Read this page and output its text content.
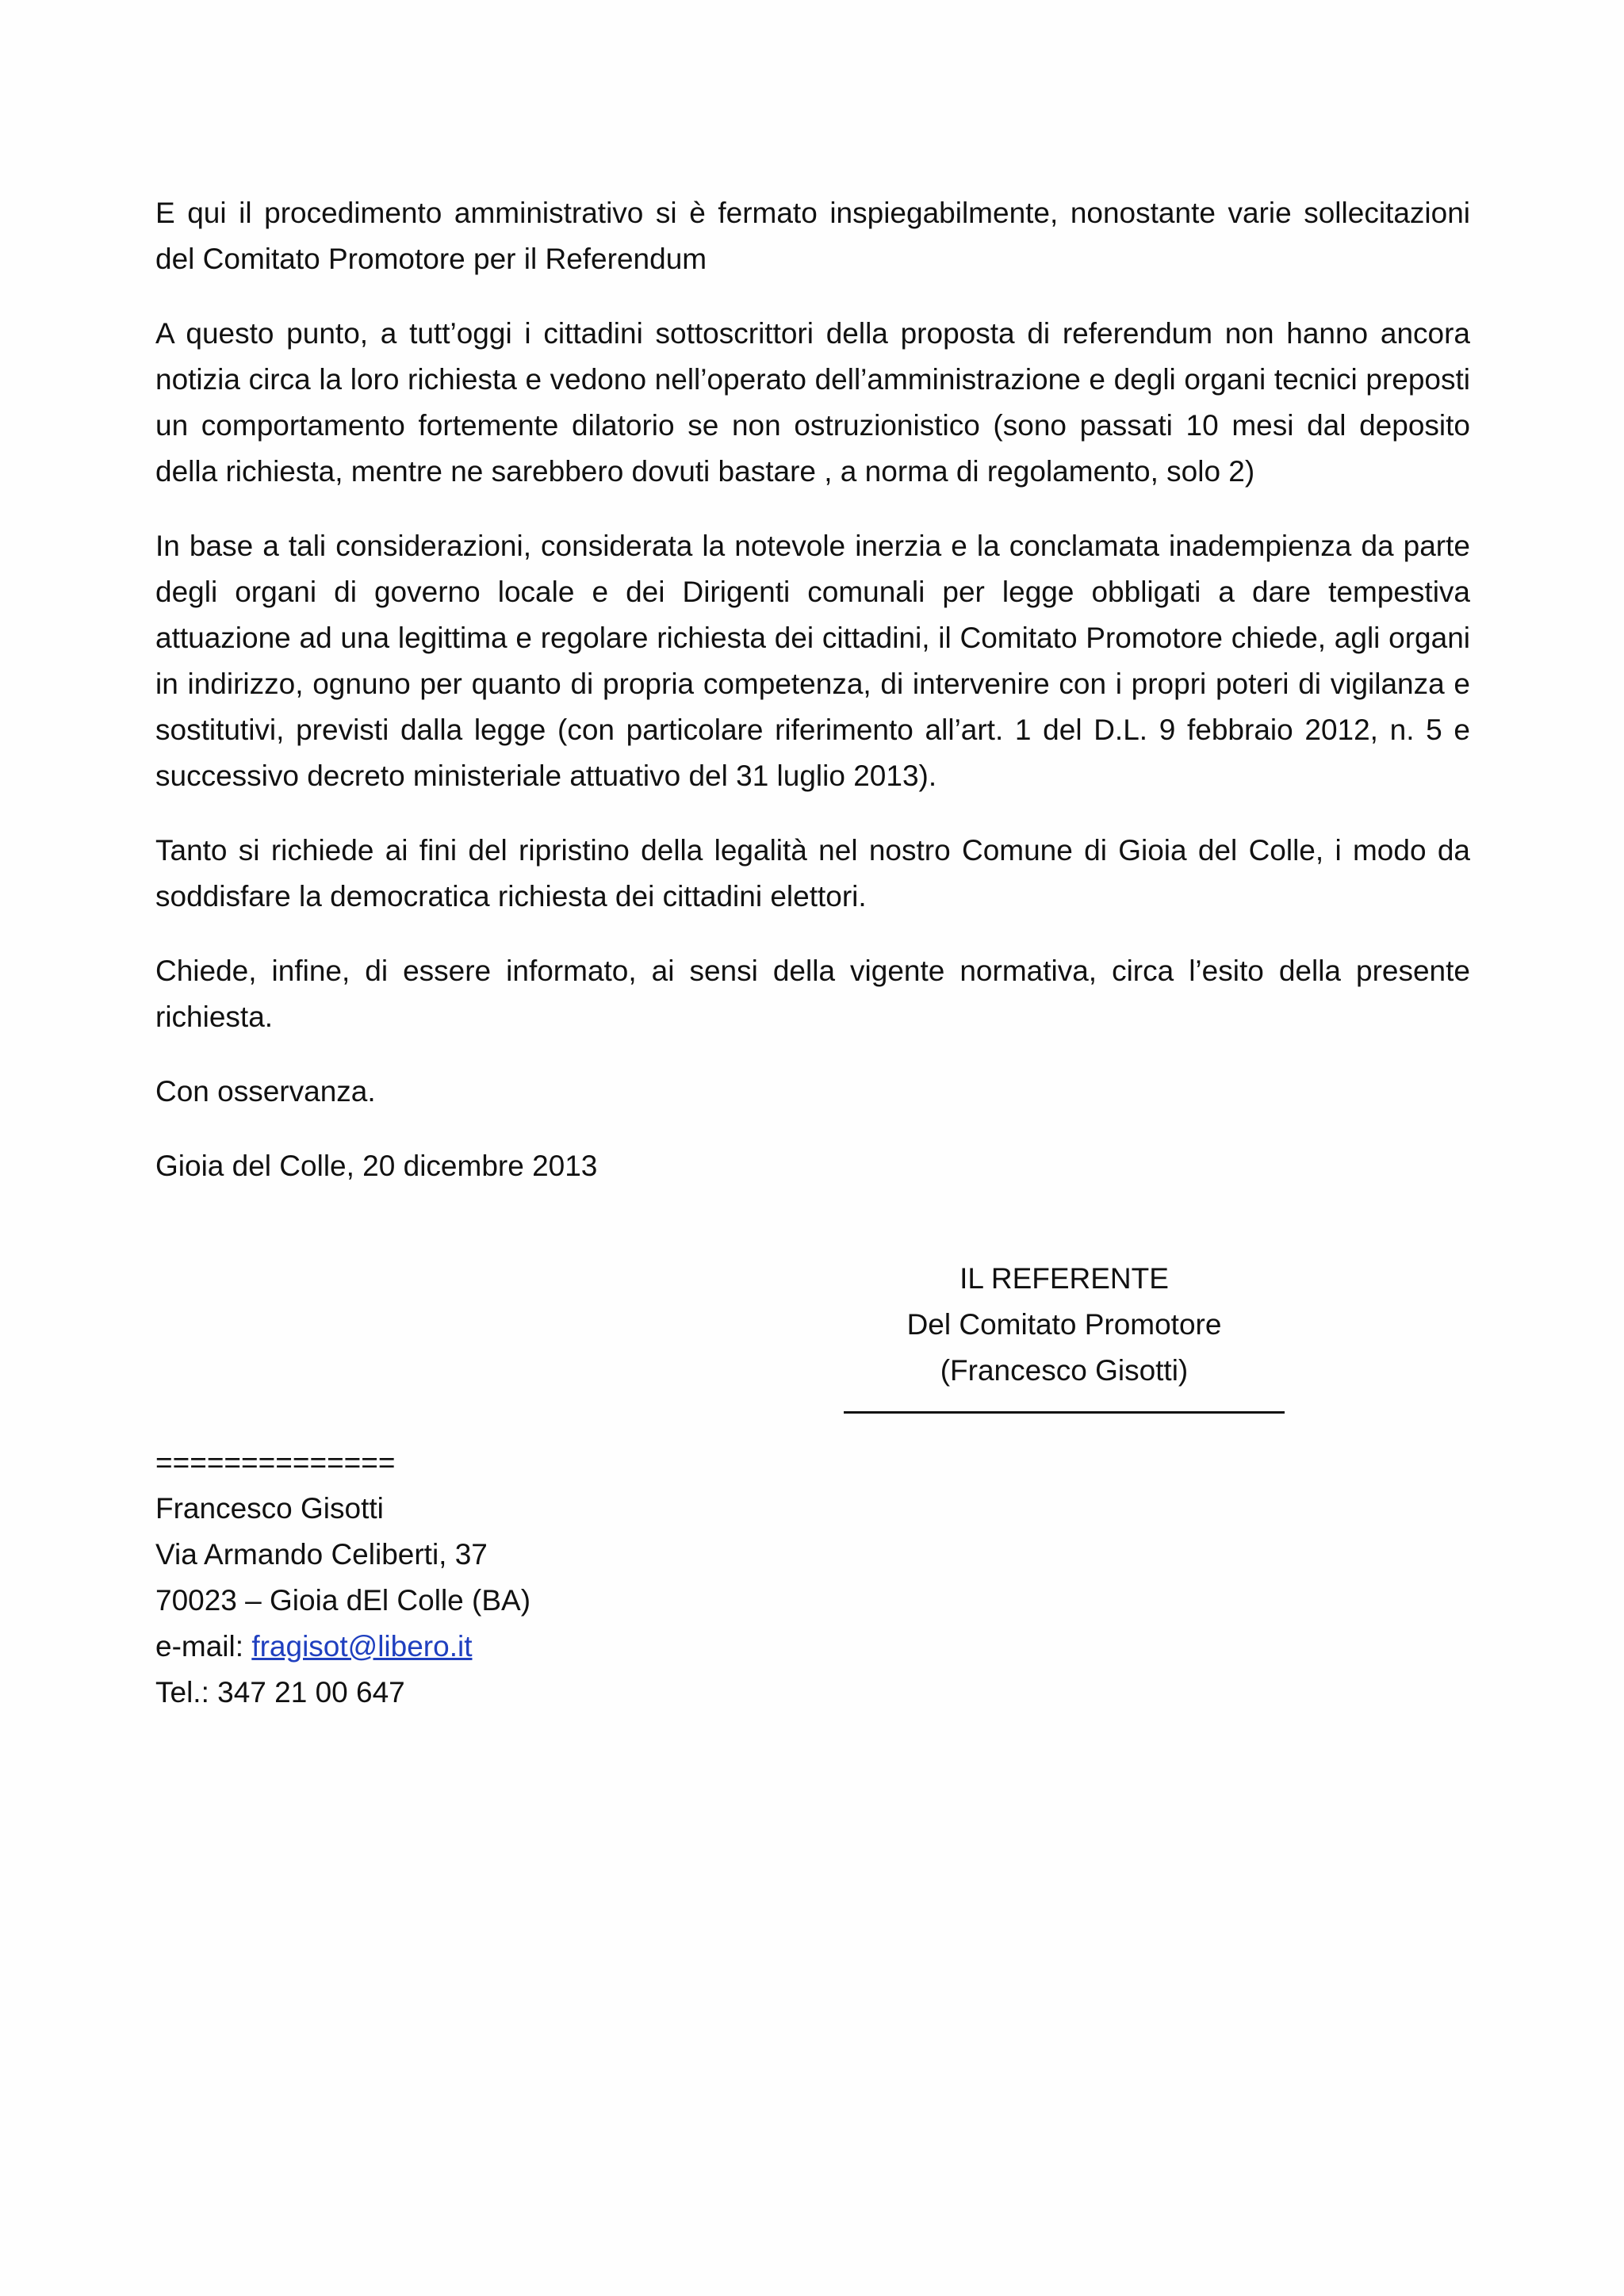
E qui il procedimento amministrativo si è fermato inspiegabilmente, nonostante varie sollecitazioni del Comitato Promotore per il Referendum

A questo punto, a tutt’oggi i cittadini sottoscrittori della proposta di referendum non hanno ancora notizia circa la loro richiesta e vedono nell’operato dell’amministrazione e degli organi tecnici preposti un comportamento fortemente dilatorio se non ostruzionistico (sono passati 10 mesi dal deposito della richiesta, mentre ne sarebbero dovuti bastare , a norma di regolamento, solo 2)

In base a tali considerazioni, considerata la notevole inerzia e la conclamata inadempienza da parte degli organi di governo locale e dei Dirigenti comunali per legge obbligati a dare tempestiva attuazione ad una legittima e regolare richiesta dei cittadini, il Comitato Promotore chiede, agli organi in indirizzo, ognuno per quanto di propria competenza, di intervenire con i propri poteri di vigilanza e sostitutivi, previsti dalla legge (con particolare riferimento all’art. 1 del D.L. 9 febbraio 2012, n. 5 e successivo decreto ministeriale attuativo del 31 luglio 2013).

Tanto si richiede ai fini del ripristino della legalità nel nostro Comune di Gioia del Colle, i modo da soddisfare la democratica richiesta dei cittadini elettori.

Chiede, infine, di essere informato, ai sensi della vigente normativa, circa l’esito della presente richiesta.

Con osservanza.

Gioia del Colle, 20 dicembre 2013

IL REFERENTE
Del Comitato Promotore
(Francesco Gisotti)
==============
Francesco Gisotti
Via Armando Celiberti, 37
70023 – Gioia dEl Colle (BA)
e-mail: fragisot@libero.it
Tel.: 347 21 00 647
